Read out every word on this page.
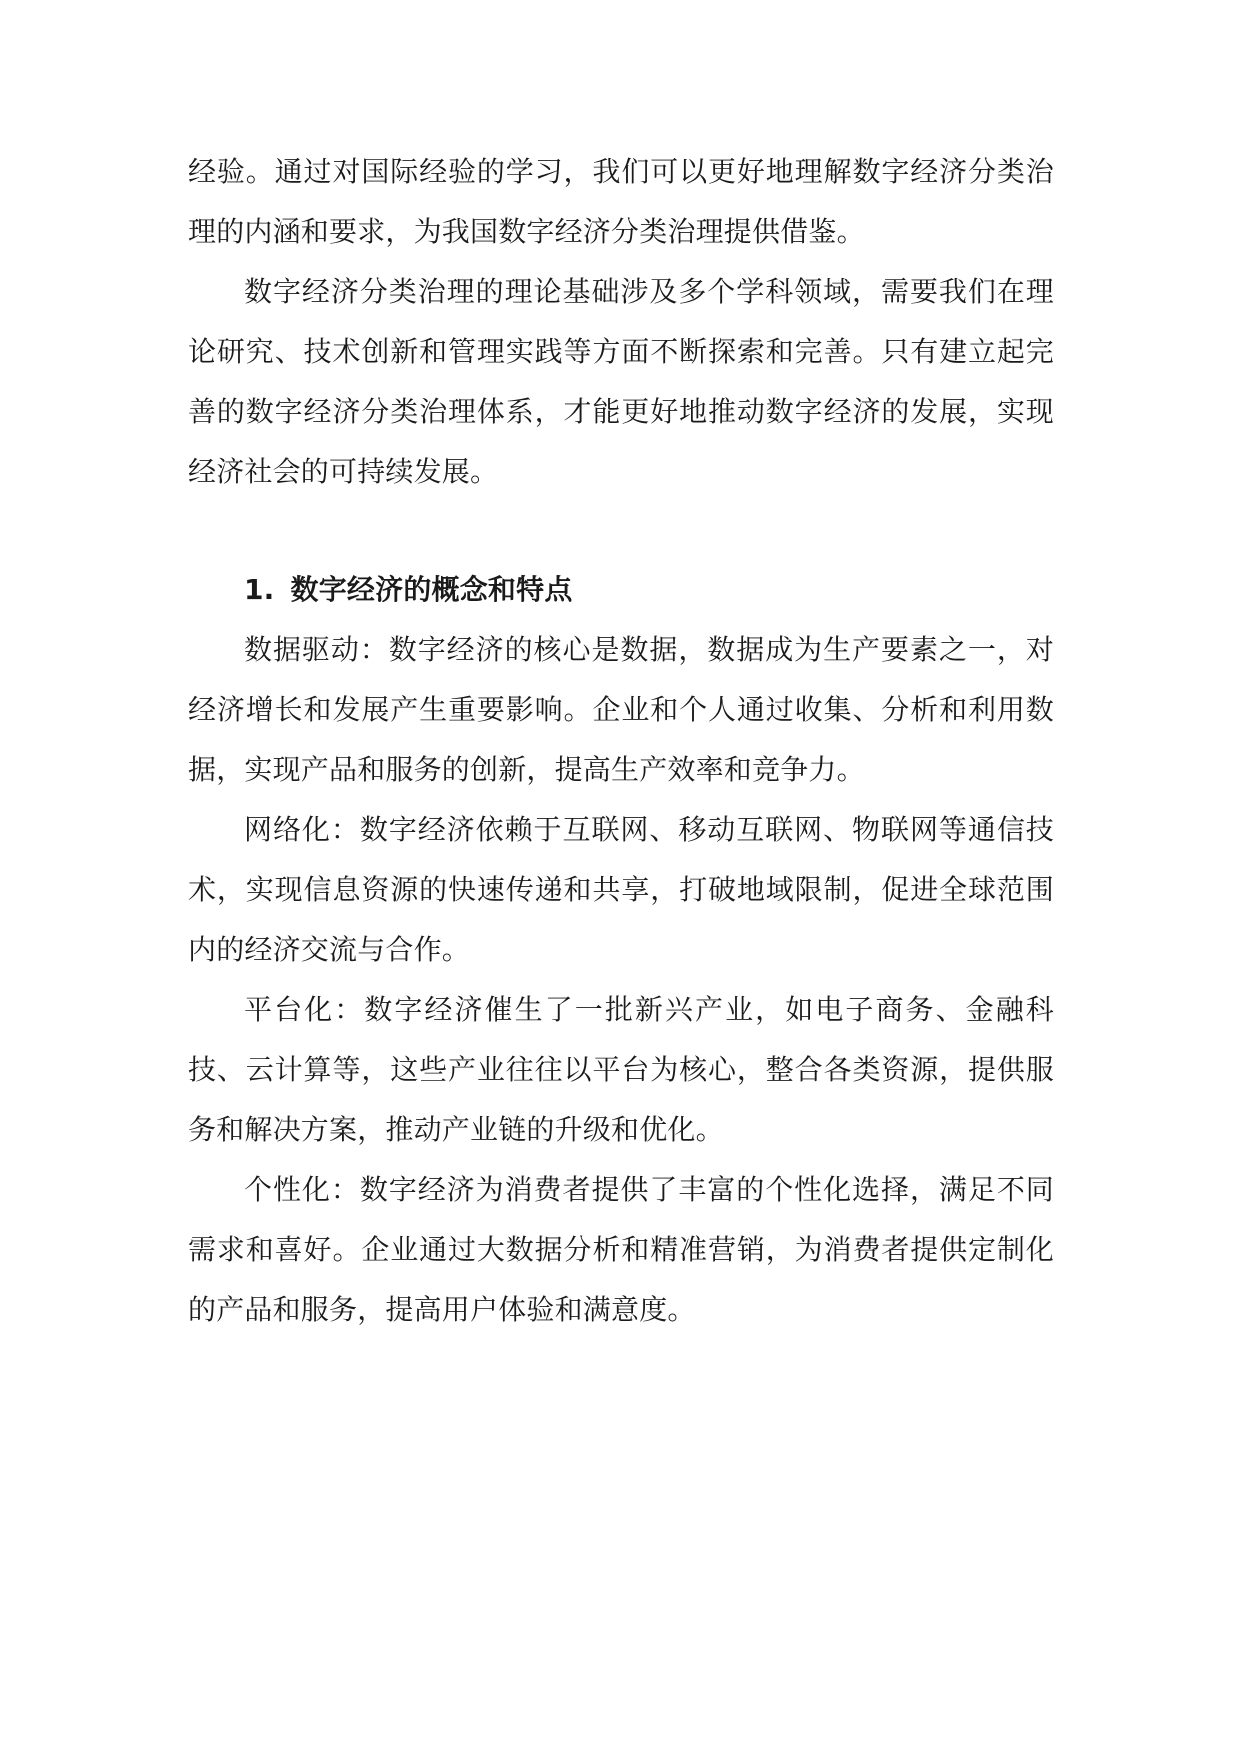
经验。通过对国际经验的学习，我们可以更好地理解数字经济分类治理的内涵和要求，为我国数字经济分类治理提供借鉴。

数字经济分类治理的理论基础涉及多个学科领域，需要我们在理论研究、技术创新和管理实践等方面不断探索和完善。只有建立起完善的数字经济分类治理体系，才能更好地推动数字经济的发展，实现经济社会的可持续发展。

1. 数字经济的概念和特点

数据驱动：数字经济的核心是数据，数据成为生产要素之一，对经济增长和发展产生重要影响。企业和个人通过收集、分析和利用数据，实现产品和服务的创新，提高生产效率和竞争力。

网络化：数字经济依赖于互联网、移动互联网、物联网等通信技术，实现信息资源的快速传递和共享，打破地域限制，促进全球范围内的经济交流与合作。

平台化：数字经济催生了一批新兴产业，如电子商务、金融科技、云计算等，这些产业往往以平台为核心，整合各类资源，提供服务和解决方案，推动产业链的升级和优化。

个性化：数字经济为消费者提供了丰富的个性化选择，满足不同需求和喜好。企业通过大数据分析和精准营销，为消费者提供定制化的产品和服务，提高用户体验和满意度。
